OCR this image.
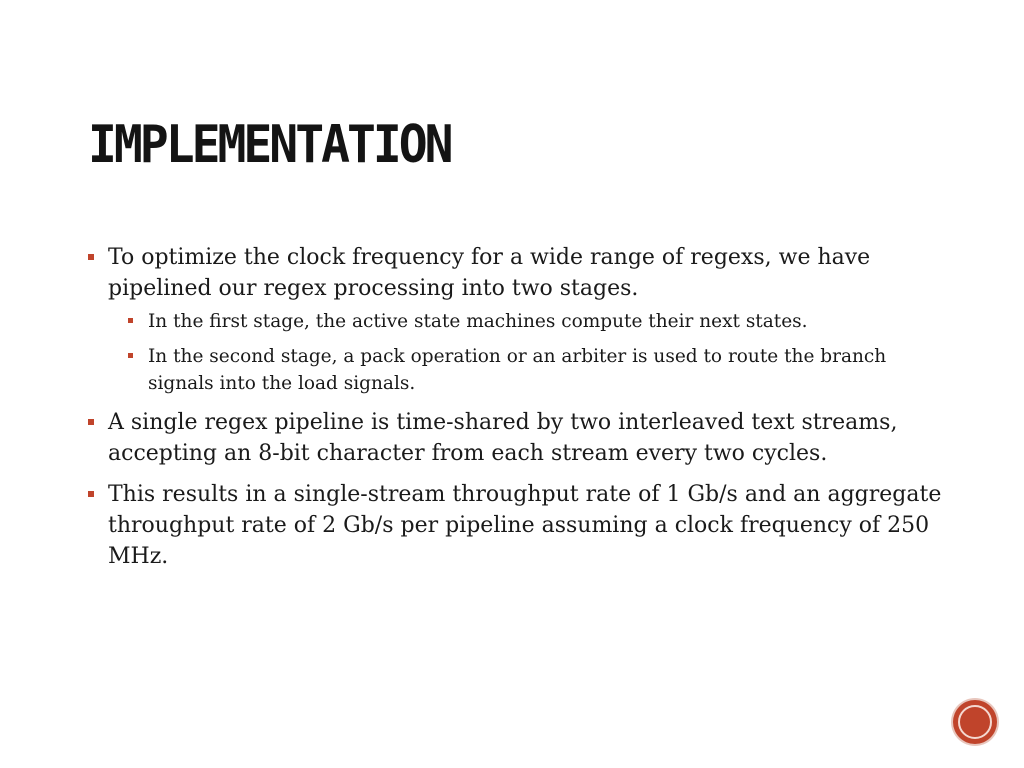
IMPLEMENTATION
To optimize the clock frequency for a wide range of regexs, we have pipelined our regex processing into two stages.
In the first stage, the active state machines compute their next states.
In the second stage, a pack operation or an arbiter is used to route the branch signals into the load signals.
A single regex pipeline is time-shared by two interleaved text streams, accepting an 8-bit character from each stream every two cycles.
This results in a single-stream throughput rate of 1 Gb/s and an aggregate throughput rate of 2 Gb/s per pipeline assuming a clock frequency of 250 MHz.
